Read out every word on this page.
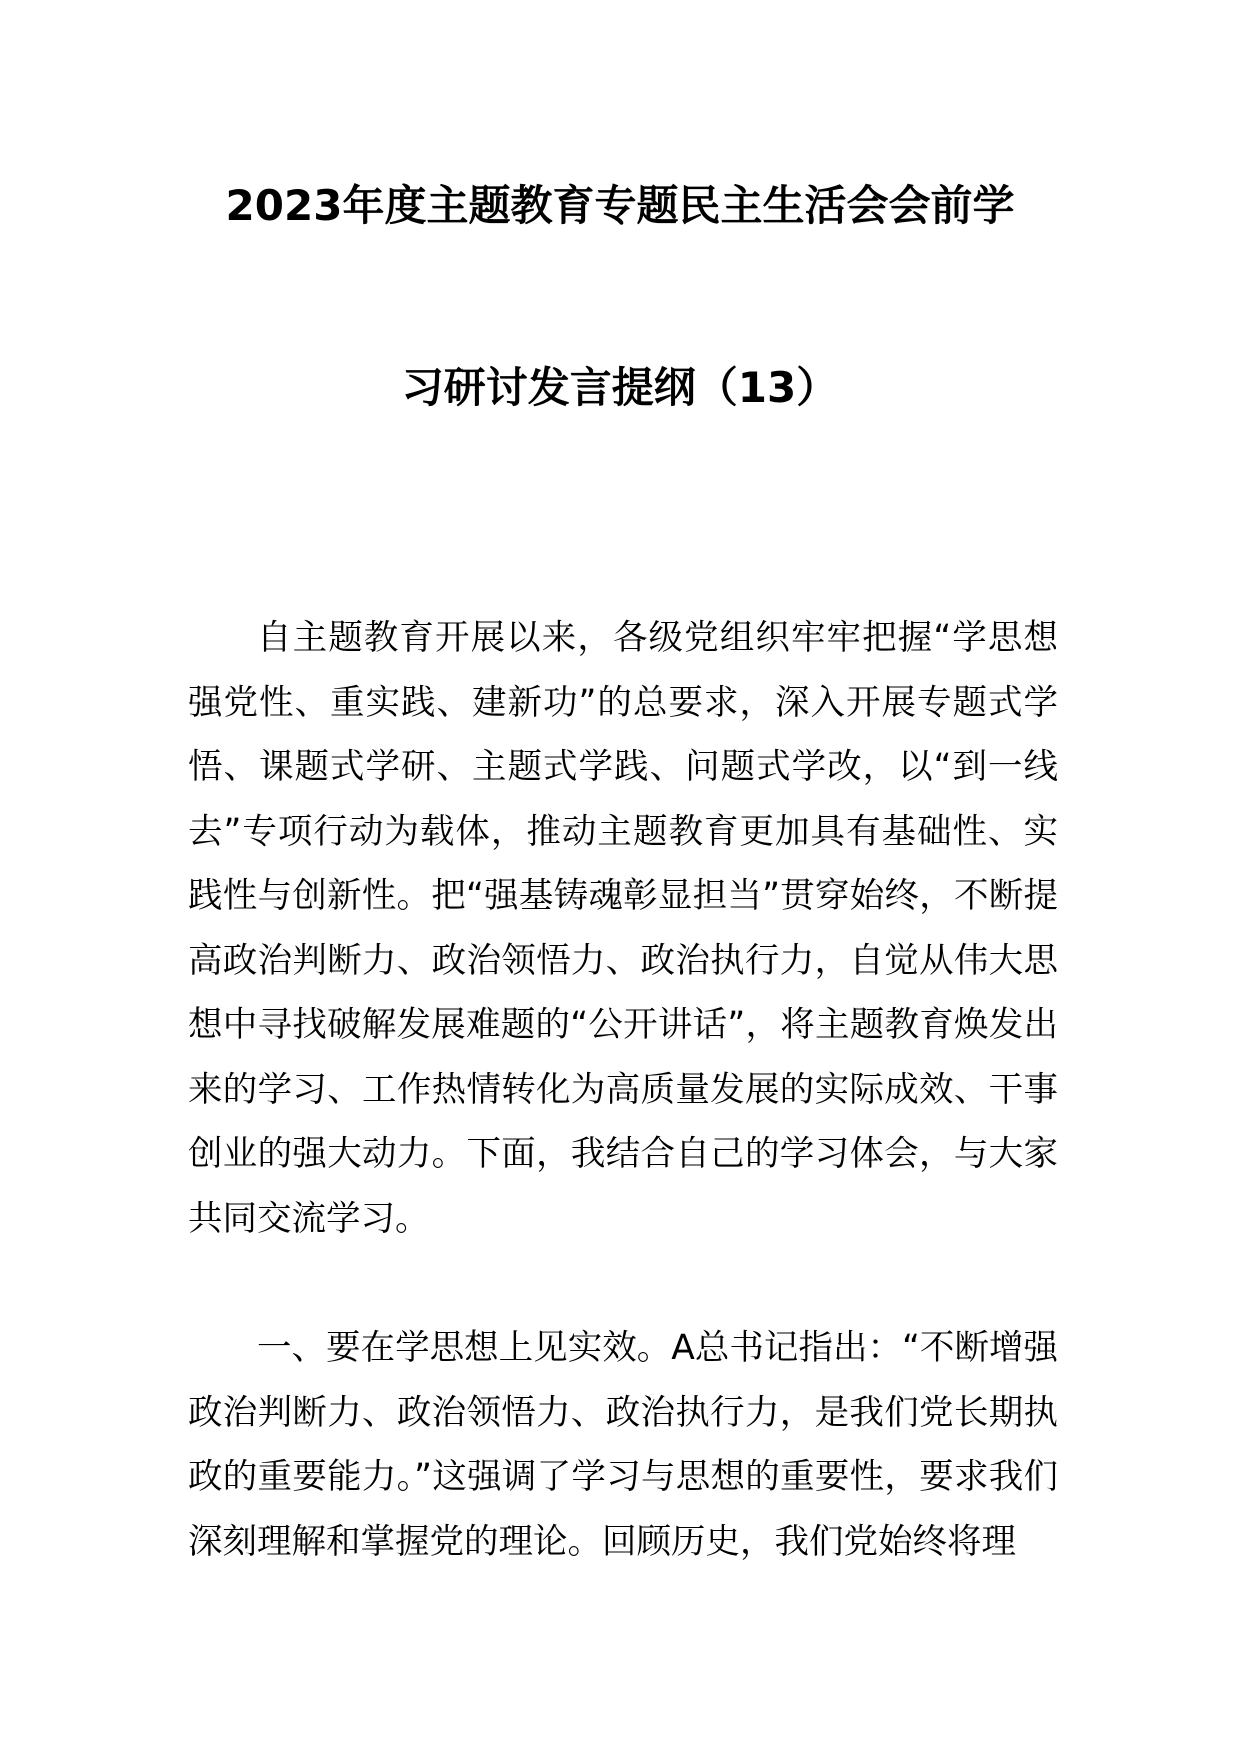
2023年度主题教育专题民主生活会会前学
习研讨发言提纲（13）

自主题教育开展以来，各级党组织牢牢把握“学思想强党性、重实践、建新功”的总要求，深入开展专题式学悟、课题式学研、主题式学践、问题式学改，以“到一线去”专项行动为载体，推动主题教育更加具有基础性、实践性与创新性。把“强基铸魂彰显担当”贯穿始终，不断提高政治判断力、政治领悟力、政治执行力，自觉从伟大思想中寻找破解发展难题的“公开讲话”，将主题教育焕发出来的学习、工作热情转化为高质量发展的实际成效、干事创业的强大动力。下面，我结合自己的学习体会，与大家共同交流学习。

一、要在学思想上见实效。A总书记指出：“不断增强政治判断力、政治领悟力、政治执行力，是我们党长期执政的重要能力。”这强调了学习与思想的重要性，要求我们深刻理解和掌握党的理论。回顾历史，我们党始终将理
